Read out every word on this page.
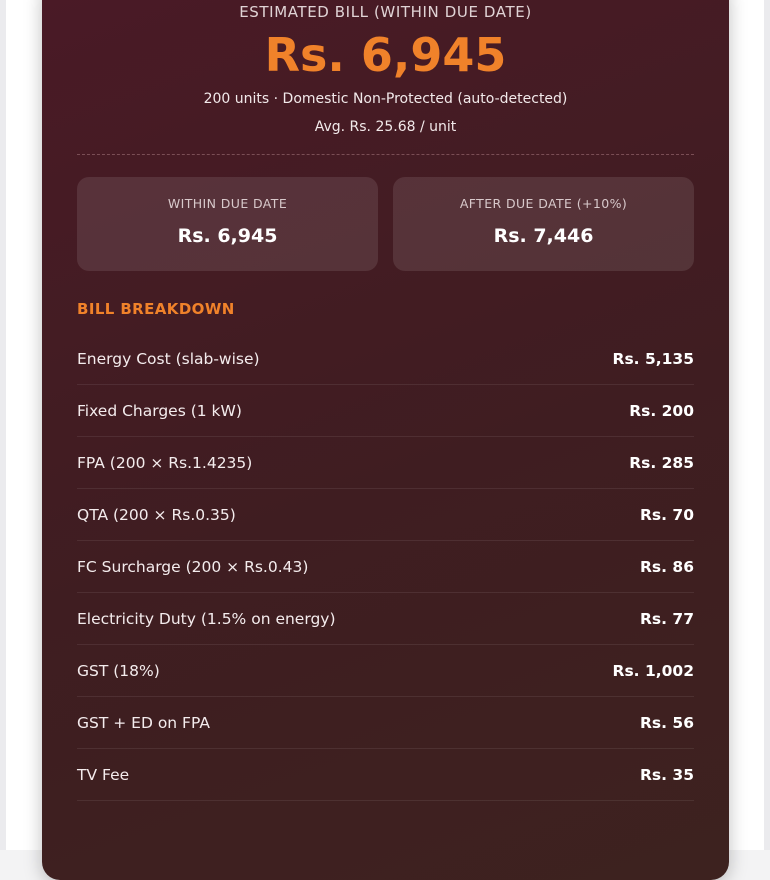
ESTIMATED BILL (WITHIN DUE DATE)
Rs. 6,945
200 units · Domestic Non-Protected (auto-detected)
Avg. Rs. 25.68 / unit
WITHIN DUE DATE
Rs. 6,945
AFTER DUE DATE (+10%)
Rs. 7,446
BILL BREAKDOWN
Energy Cost (slab-wise)	Rs. 5,135
Fixed Charges (1 kW)	Rs. 200
FPA (200 × Rs.1.4235)	Rs. 285
QTA (200 × Rs.0.35)	Rs. 70
FC Surcharge (200 × Rs.0.43)	Rs. 86
Electricity Duty (1.5% on energy)	Rs. 77
GST (18%)	Rs. 1,002
GST + ED on FPA	Rs. 56
TV Fee	Rs. 35
